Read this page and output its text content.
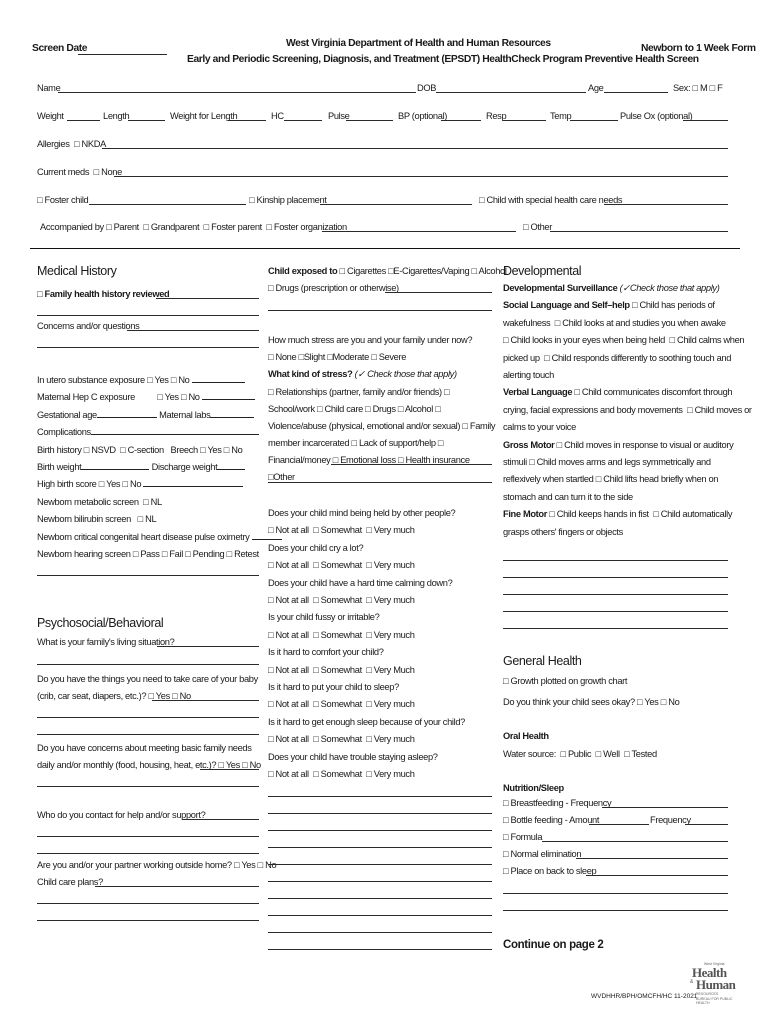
Screen Date	West Virginia Department of Health and Human Resources
Early and Periodic Screening, Diagnosis, and Treatment (EPSDT) HealthCheck Program Preventive Health Screen
Newborn to 1 Week Form
Name	DOB	Age	Sex: □ M □ F
Weight	Length	Weight for Length	HC	Pulse	BP (optional)	Resp	Temp	Pulse Ox (optional)
Allergies □ NKDA
Current meds □ None
□ Foster child	□ Kinship placement	□ Child with special health care needs
Accompanied by □ Parent □ Grandparent □ Foster parent □ Foster organization	□ Other
Medical History
□ Family health history reviewed
Concerns and/or questions
In utero substance exposure □ Yes □ No
Maternal Hep C exposure □ Yes □ No
Gestational age	Maternal labs
Complications
Birth history □ NSVD □ C-section Breech □ Yes □ No
Birth weight	Discharge weight
High birth score □ Yes □ No
Newborn metabolic screen □ NL
Newborn bilirubin screen □ NL
Newborn critical congenital heart disease pulse oximetry
Newborn hearing screen □ Pass □ Fail □ Pending □ Retest
Psychosocial/Behavioral
What is your family's living situation?
Do you have the things you need to take care of your baby (crib, car seat, diapers, etc.)? □ Yes □ No
Do you have concerns about meeting basic family needs daily and/or monthly (food, housing, heat, etc.)? □ Yes □ No
Who do you contact for help and/or support?
Are you and/or your partner working outside home? □ Yes □ No
Child care plans?
Child exposed to □ Cigarettes □E-Cigarettes/Vaping □ Alcohol
□ Drugs (prescription or otherwise)
How much stress are you and your family under now?
□ None □Slight □Moderate □ Severe
What kind of stress? (✓ Check those that apply)
□ Relationships (partner, family and/or friends) □ School/work □ Child care □ Drugs □ Alcohol □ Violence/abuse (physical, emotional and/or sexual) □ Family member incarcerated □ Lack of support/help □ Financial/money □ Emotional loss □ Health insurance □Other
Does your child mind being held by other people?
□ Not at all □ Somewhat □ Very much
Does your child cry a lot?
□ Not at all □ Somewhat □ Very much
Does your child have a hard time calming down?
□ Not at all □ Somewhat □ Very much
Is your child fussy or irritable?
□ Not at all □ Somewhat □ Very much
Is it hard to comfort your child?
□ Not at all □ Somewhat □ Very Much
Is it hard to put your child to sleep?
□ Not at all □ Somewhat □ Very much
Is it hard to get enough sleep because of your child?
□ Not at all □ Somewhat □ Very much
Does your child have trouble staying asleep?
□ Not at all □ Somewhat □ Very much
Developmental
Developmental Surveillance (✓Check those that apply)
Social Language and Self–help □ Child has periods of
wakefulness □ Child looks at and studies you when awake
□ Child looks in your eyes when being held □ Child calms when
picked up □ Child responds differently to soothing touch and
alerting touch
Verbal Language □ Child communicates discomfort through
crying, facial expressions and body movements □ Child moves or
calms to your voice
Gross Motor □ Child moves in response to visual or auditory
stimuli □ Child moves arms and legs symmetrically and
reflexively when startled □ Child lifts head briefly when on
stomach and can turn it to the side
Fine Motor □ Child keeps hands in fist □ Child automatically
grasps others' fingers or objects
General Health
□ Growth plotted on growth chart
Do you think your child sees okay? □ Yes □ No
Oral Health
Water source: □ Public □ Well □ Tested
Nutrition/Sleep
□ Breastfeeding - Frequency
□ Bottle feeding - Amount	Frequency
□ Formula
□ Normal elimination
□ Place on back to sleep
Continue on page 2
WVDHHR/BPH/OMCFH/HC 11-2021
West Virginia
Health
& Human
RESOURCES
BUREAU FOR PUBLIC HEALTH
